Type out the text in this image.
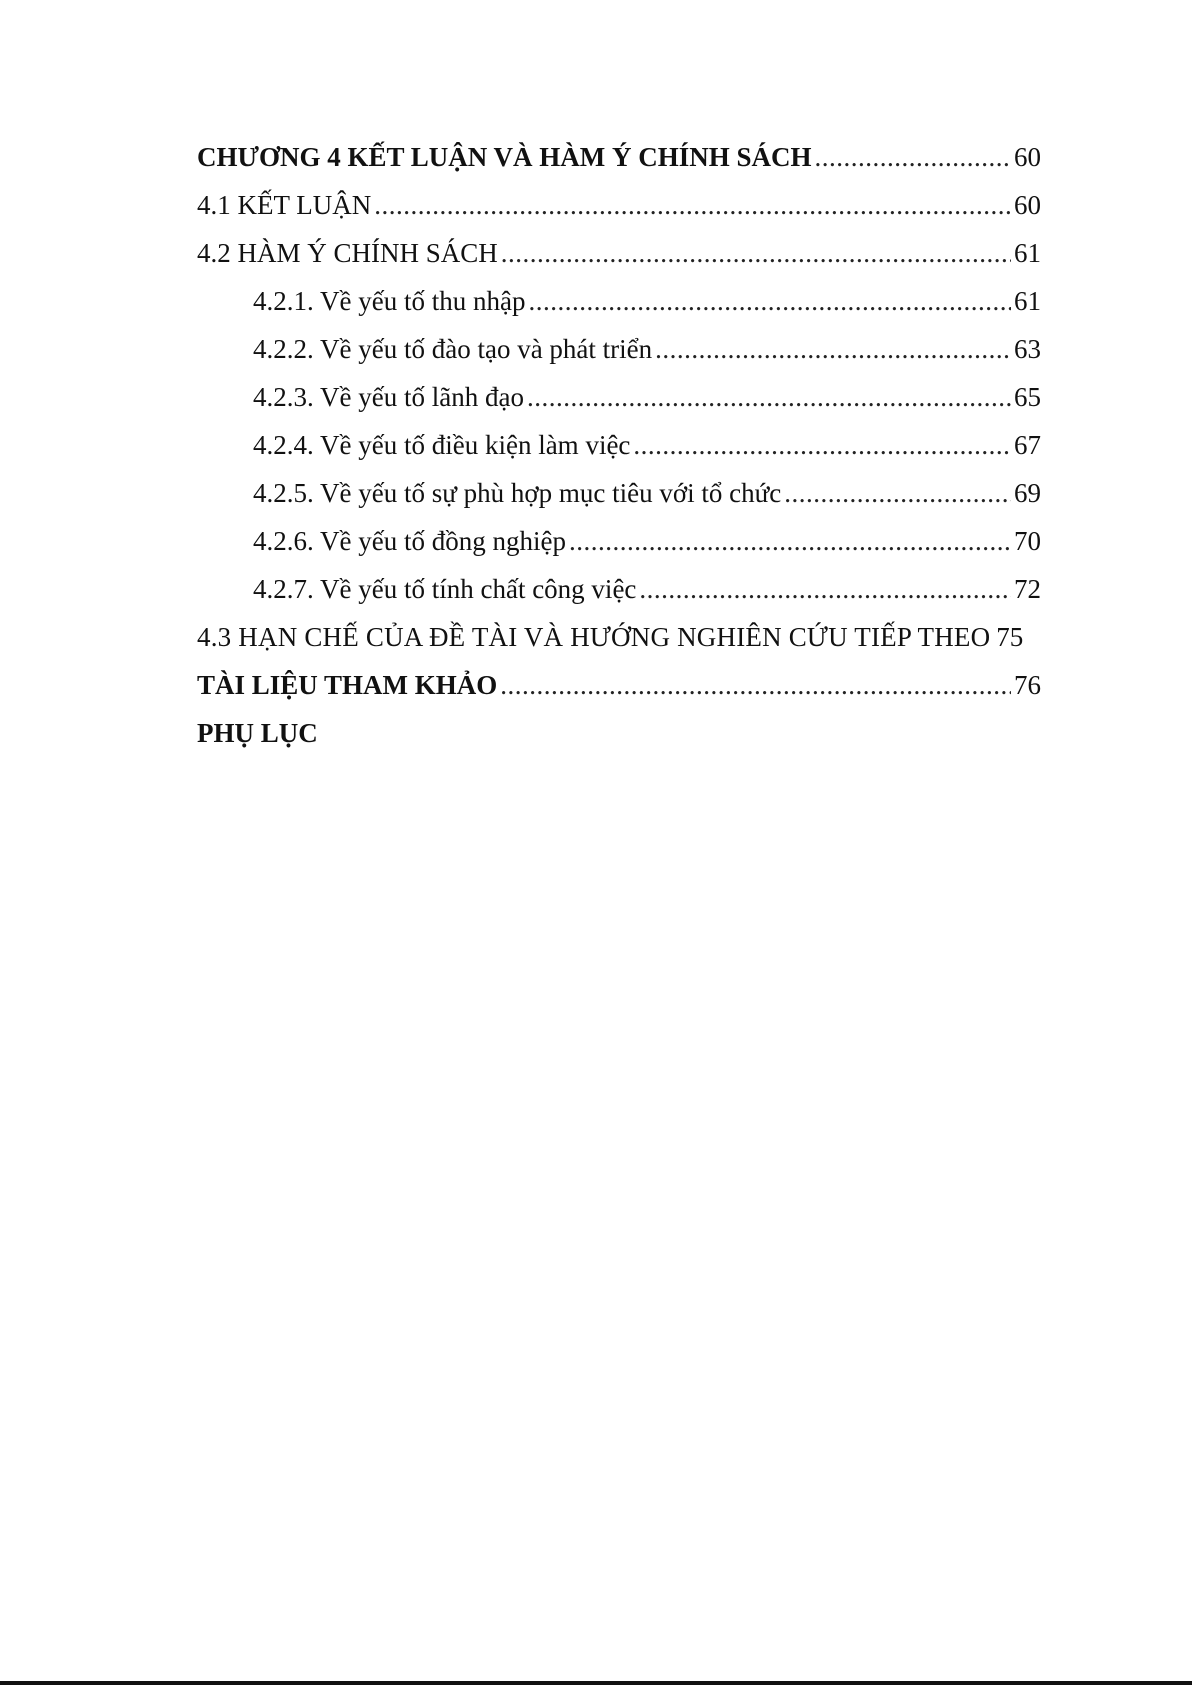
CHƯƠNG 4 KẾT LUẬN VÀ HÀM Ý CHÍNH SÁCH .....	60
4.1 KẾT LUẬN .....	60
4.2 HÀM Ý CHÍNH SÁCH .....	61
4.2.1. Về yếu tố thu nhập .....	61
4.2.2. Về yếu tố đào tạo và phát triển .....	63
4.2.3. Về yếu tố lãnh đạo .....	65
4.2.4. Về yếu tố điều kiện làm việc .....	67
4.2.5. Về yếu tố sự phù hợp mục tiêu với tổ chức .....	69
4.2.6. Về yếu tố đồng nghiệp .....	70
4.2.7. Về yếu tố tính chất công việc .....	72
4.3 HẠN CHẾ CỦA ĐỀ TÀI VÀ HƯỚNG NGHIÊN CỨU TIẾP THEO 75
TÀI LIỆU THAM KHẢO .....	76
PHỤ LỤC
